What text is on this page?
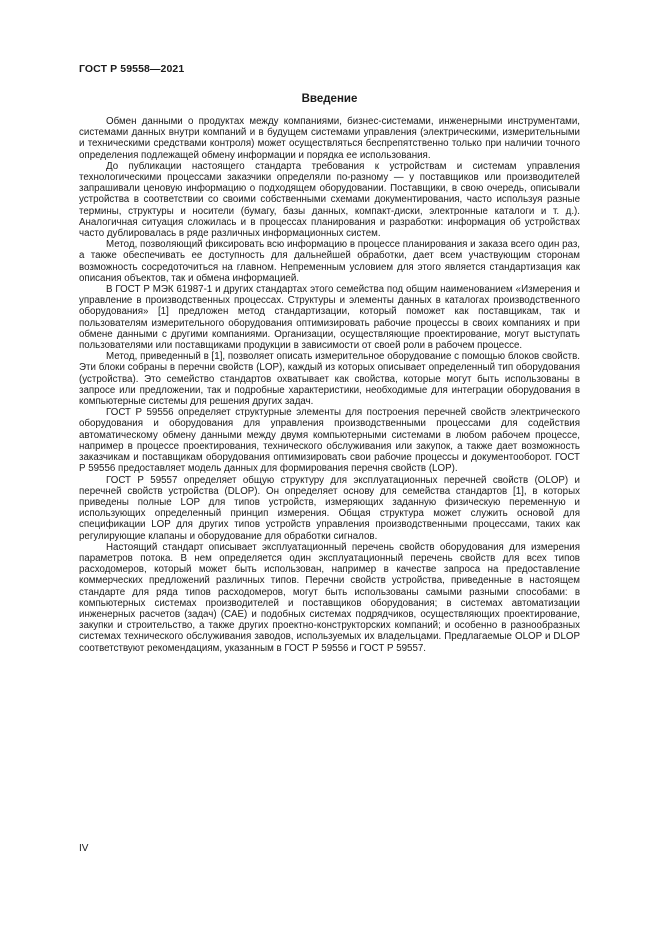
ГОСТ Р 59558—2021
Введение

Обмен данными о продуктах между компаниями, бизнес-системами, инженерными инструментами, системами данных внутри компаний и в будущем системами управления (электрическими, измерительными и техническими средствами контроля) может осуществляться беспрепятственно только при наличии точного определения подлежащей обмену информации и порядка ее использования.

До публикации настоящего стандарта требования к устройствам и системам управления технологическими процессами заказчики определяли по-разному — у поставщиков или производителей запрашивали ценовую информацию о подходящем оборудовании. Поставщики, в свою очередь, описывали устройства в соответствии со своими собственными схемами документирования, часто используя разные термины, структуры и носители (бумагу, базы данных, компакт-диски, электронные каталоги и т. д.). Аналогичная ситуация сложилась и в процессах планирования и разработки: информация об устройствах часто дублировалась в ряде различных информационных систем.

Метод, позволяющий фиксировать всю информацию в процессе планирования и заказа всего один раз, а также обеспечивать ее доступность для дальнейшей обработки, дает всем участвующим сторонам возможность сосредоточиться на главном. Непременным условием для этого является стандартизация как описания объектов, так и обмена информацией.

В ГОСТ Р МЭК 61987-1 и других стандартах этого семейства под общим наименованием «Измерения и управление в производственных процессах. Структуры и элементы данных в каталогах производственного оборудования» [1] предложен метод стандартизации, который поможет как поставщикам, так и пользователям измерительного оборудования оптимизировать рабочие процессы в своих компаниях и при обмене данными с другими компаниями. Организации, осуществляющие проектирование, могут выступать пользователями или поставщиками продукции в зависимости от своей роли в рабочем процессе.

Метод, приведенный в [1], позволяет описать измерительное оборудование с помощью блоков свойств. Эти блоки собраны в перечни свойств (LOP), каждый из которых описывает определенный тип оборудования (устройства). Это семейство стандартов охватывает как свойства, которые могут быть использованы в запросе или предложении, так и подробные характеристики, необходимые для интеграции оборудования в компьютерные системы для решения других задач.

ГОСТ Р 59556 определяет структурные элементы для построения перечней свойств электрического оборудования и оборудования для управления производственными процессами для содействия автоматическому обмену данными между двумя компьютерными системами в любом рабочем процессе, например в процессе проектирования, технического обслуживания или закупок, а также дает возможность заказчикам и поставщикам оборудования оптимизировать свои рабочие процессы и документооборот. ГОСТ Р 59556 предоставляет модель данных для формирования перечня свойств (LOP).

ГОСТ Р 59557 определяет общую структуру для эксплуатационных перечней свойств (OLOP) и перечней свойств устройства (DLOP). Он определяет основу для семейства стандартов [1], в которых приведены полные LOP для типов устройств, измеряющих заданную физическую переменную и использующих определенный принцип измерения. Общая структура может служить основой для спецификации LOP для других типов устройств управления производственными процессами, таких как регулирующие клапаны и оборудование для обработки сигналов.

Настоящий стандарт описывает эксплуатационный перечень свойств оборудования для измерения параметров потока. В нем определяется один эксплуатационный перечень свойств для всех типов расходомеров, который может быть использован, например в качестве запроса на предоставление коммерческих предложений различных типов. Перечни свойств устройства, приведенные в настоящем стандарте для ряда типов расходомеров, могут быть использованы самыми разными способами: в компьютерных системах производителей и поставщиков оборудования; в системах автоматизации инженерных расчетов (задач) (CAE) и подобных системах подрядчиков, осуществляющих проектирование, закупки и строительство, а также других проектно-конструкторских компаний; и особенно в разнообразных системах технического обслуживания заводов, используемых их владельцами. Предлагаемые OLOP и DLOP соответствуют рекомендациям, указанным в ГОСТ Р 59556 и ГОСТ Р 59557.

IV
